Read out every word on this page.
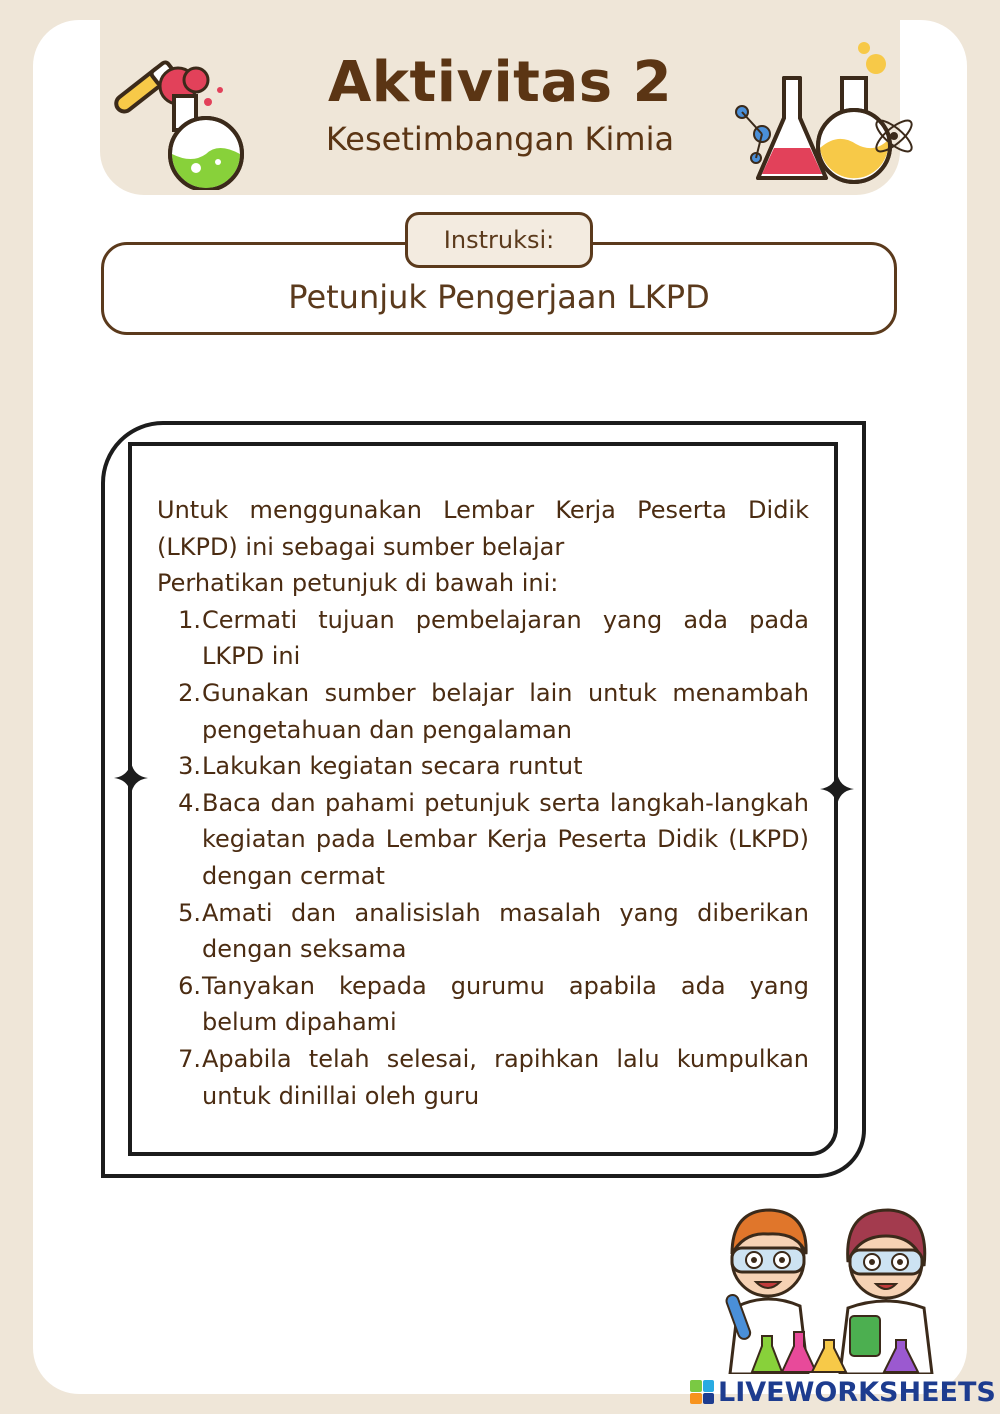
Aktivitas 2
Kesetimbangan Kimia
Instruksi:
Petunjuk Pengerjaan LKPD

Untuk menggunakan Lembar Kerja Peserta Didik (LKPD) ini sebagai sumber belajar

Perhatikan petunjuk di bawah ini:

1. Cermati tujuan pembelajaran yang ada pada LKPD ini
2. Gunakan sumber belajar lain untuk menambah pengetahuan dan pengalaman
3. Lakukan kegiatan secara runtut
4. Baca dan pahami petunjuk serta langkah-langkah kegiatan pada Lembar Kerja Peserta Didik (LKPD) dengan cermat
5. Amati dan analisislah masalah yang diberikan dengan seksama
6. Tanyakan kepada gurumu apabila ada yang belum dipahami
7. Apabila telah selesai, rapihkan lalu kumpulkan untuk dinillai oleh guru
LIVEWORKSHEETS
